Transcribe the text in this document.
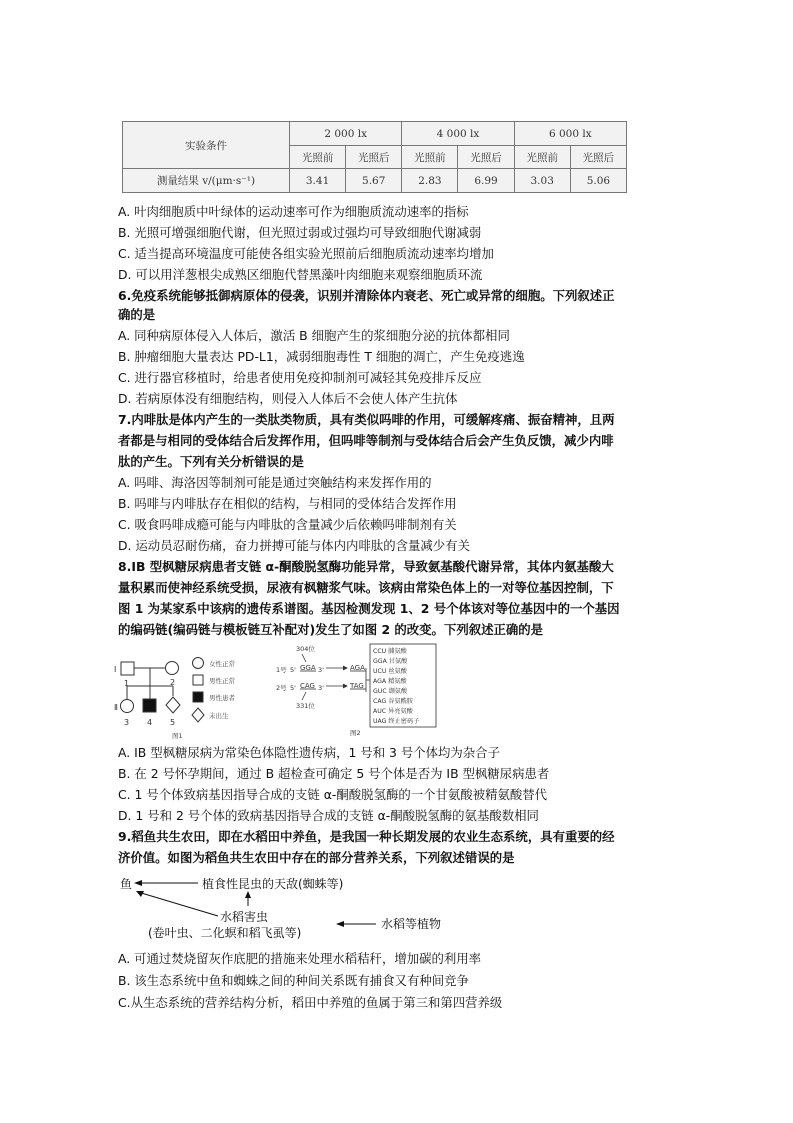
实验条件	2 000 lx		4 000 lx		6 000 lx	
	光照前	光照后	光照前	光照后	光照前	光照后
测量结果 v/(μm·s⁻¹)	3.41	5.67	2.83	6.99	3.03	5.06
A. 叶肉细胞质中叶绿体的运动速率可作为细胞质流动速率的指标
B. 光照可增强细胞代谢，但光照过弱或过强均可导致细胞代谢减弱
C. 适当提高环境温度可能使各组实验光照前后细胞质流动速率均增加
D. 可以用洋葱根尖成熟区细胞代替黑藻叶肉细胞来观察细胞质环流
6.免疫系统能够抵御病原体的侵袭，识别并清除体内衰老、死亡或异常的细胞。下列叙述正
确的是
A. 同种病原体侵入人体后，激活 B 细胞产生的浆细胞分泌的抗体都相同
B. 肿瘤细胞大量表达 PD-L1，减弱细胞毒性 T 细胞的凋亡，产生免疫逃逸
C. 进行器官移植时，给患者使用免疫抑制剂可减轻其免疫排斥反应
D. 若病原体没有细胞结构，则侵入人体后不会使人体产生抗体
7.内啡肽是体内产生的一类肽类物质，具有类似吗啡的作用，可缓解疼痛、振奋精神，且两
者都是与相同的受体结合后发挥作用，但吗啡等制剂与受体结合后会产生负反馈，减少内啡
肽的产生。下列有关分析错误的是
A. 吗啡、海洛因等制剂可能是通过突触结构来发挥作用的
B. 吗啡与内啡肽存在相似的结构，与相同的受体结合发挥作用
C. 吸食吗啡成瘾可能与内啡肽的含量减少后依赖吗啡制剂有关
D. 运动员忍耐伤痛，奋力拼搏可能与体内内啡肽的含量减少有关
8.IB 型枫糖尿病患者支链 α-酮酸脱氢酶功能异常，导致氨基酸代谢异常，其体内氨基酸大
量积累而使神经系统受损，尿液有枫糖浆气味。该病由常染色体上的一对等位基因控制，下
图 1 为某家系中该病的遗传系谱图。基因检测发现 1、2 号个体该对等位基因中的一个基因
的编码链(编码链与模板链互补配对)发生了如图 2 的改变。下列叙述正确的是
Ⅰ
Ⅱ
1	2
3 4 5
女性正常
男性正常
男性患者
未出生
图1
304位
1号 5' GGA 3'	AGA
2号 5' CAG 3'	TAG
331位
图2
CCU 脯氨酸
GGA 甘氨酸
UCU 丝氨酸
AGA 精氨酸
GUC 缬氨酸
CAG 谷氨酰胺
AUC 异亮氨酸
UAG 终止密码子
A. IB 型枫糖尿病为常染色体隐性遗传病，1 号和 3 号个体均为杂合子
B. 在 2 号怀孕期间，通过 B 超检查可确定 5 号个体是否为 IB 型枫糖尿病患者
C. 1 号个体致病基因指导合成的支链 α-酮酸脱氢酶的一个甘氨酸被精氨酸替代
D. 1 号和 2 号个体的致病基因指导合成的支链 α-酮酸脱氢酶的氨基酸数相同
9.稻鱼共生农田，即在水稻田中养鱼，是我国一种长期发展的农业生态系统，具有重要的经
济价值。如图为稻鱼共生农田中存在的部分营养关系，下列叙述错误的是
鱼	植食性昆虫的天敌(蜘蛛等)
水稻害虫
(卷叶虫、二化螟和稻飞虱等)
水稻等植物
A. 可通过焚烧留灰作底肥的措施来处理水稻秸秆，增加碳的利用率
B. 该生态系统中鱼和蜘蛛之间的种间关系既有捕食又有种间竞争
C.从生态系统的营养结构分析，稻田中养殖的鱼属于第三和第四营养级
